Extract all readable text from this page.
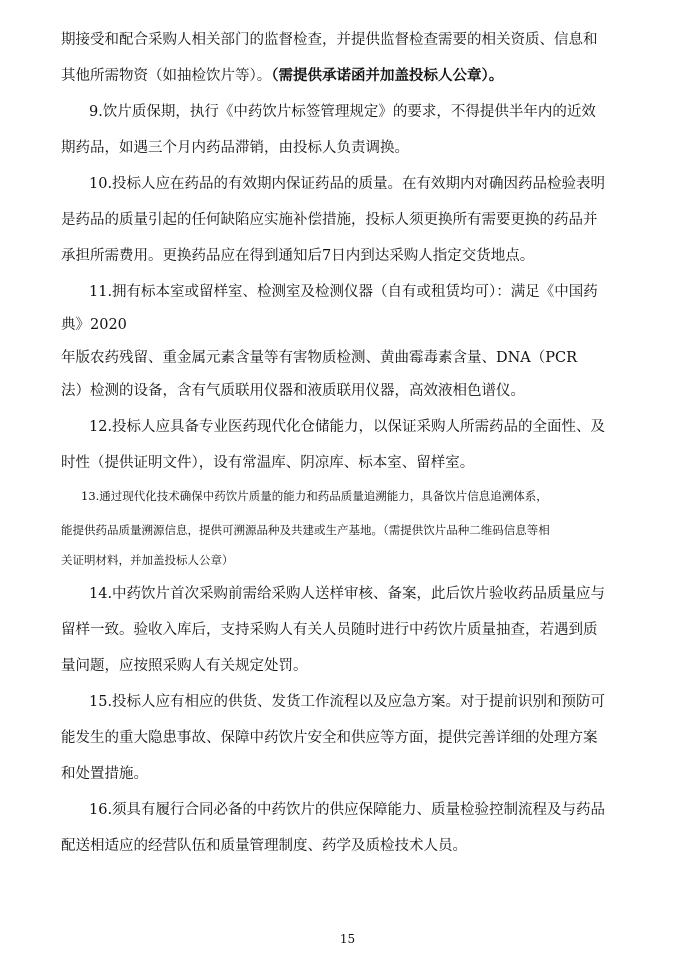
期接受和配合采购人相关部门的监督检查，并提供监督检查需要的相关资质、信息和
其他所需物资（如抽检饮片等）。（需提供承诺函并加盖投标人公章）。
9.饮片质保期，执行《中药饮片标签管理规定》的要求，不得提供半年内的近效
期药品，如遇三个月内药品滞销，由投标人负责调换。
10.投标人应在药品的有效期内保证药品的质量。在有效期内对确因药品检验表明
是药品的质量引起的任何缺陷应实施补偿措施，投标人须更换所有需要更换的药品并
承担所需费用。更换药品应在得到通知后7日内到达采购人指定交货地点。
11.拥有标本室或留样室、检测室及检测仪器（自有或租赁均可）：满足《中国药
典》2020
年版农药残留、重金属元素含量等有害物质检测、黄曲霉毒素含量、DNA（PCR
法）检测的设备，含有气质联用仪器和液质联用仪器，高效液相色谱仪。
12.投标人应具备专业医药现代化仓储能力，以保证采购人所需药品的全面性、及
时性（提供证明文件），设有常温库、阴凉库、标本室、留样室。
13.通过现代化技术确保中药饮片质量的能力和药品质量追溯能力，具备饮片信息追溯体系，
能提供药品质量溯源信息，提供可溯源品种及共建或生产基地。（需提供饮片品种二维码信息等相
关证明材料，并加盖投标人公章）
14.中药饮片首次采购前需给采购人送样审核、备案，此后饮片验收药品质量应与
留样一致。验收入库后，支持采购人有关人员随时进行中药饮片质量抽查，若遇到质
量问题，应按照采购人有关规定处罚。
15.投标人应有相应的供货、发货工作流程以及应急方案。对于提前识别和预防可
能发生的重大隐患事故、保障中药饮片安全和供应等方面，提供完善详细的处理方案
和处置措施。
16.须具有履行合同必备的中药饮片的供应保障能力、质量检验控制流程及与药品
配送相适应的经营队伍和质量管理制度、药学及质检技术人员。
15
